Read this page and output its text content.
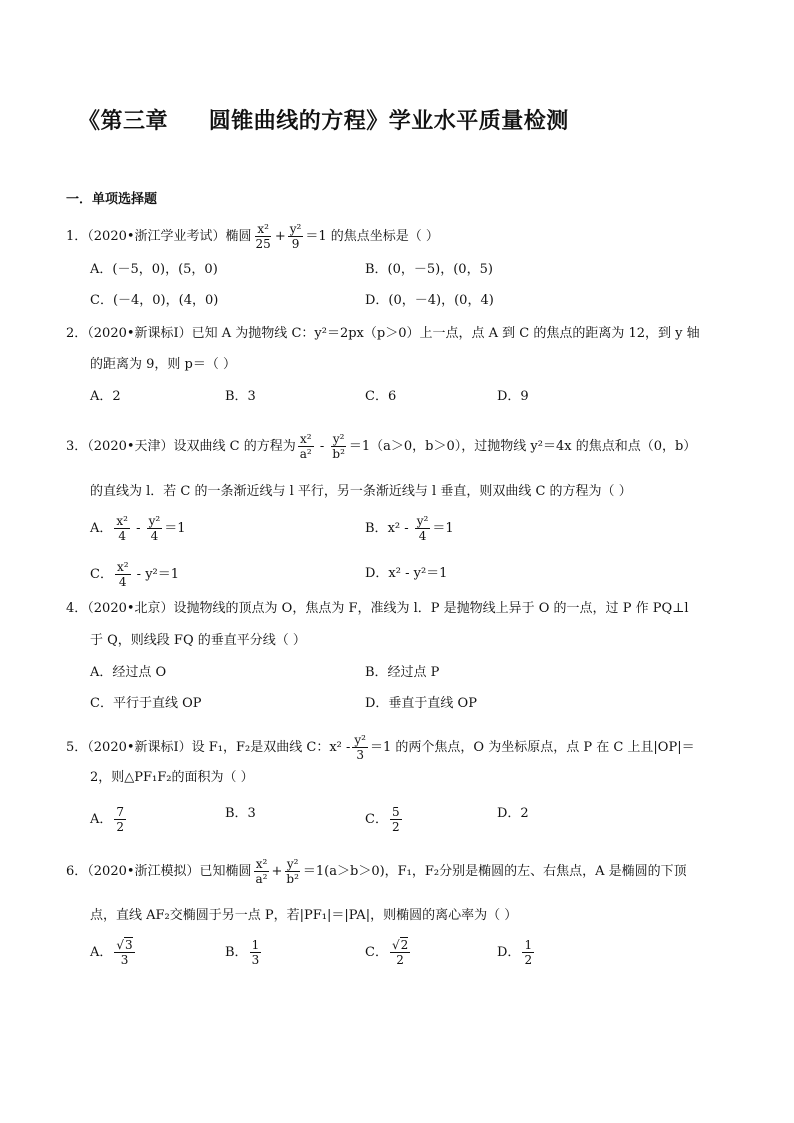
《第三章     圆锥曲线的方程》学业水平质量检测
一．单项选择题
1．（2020•浙江学业考试）椭圆 $\frac{\text{x²}}{25} + \frac{\text{y²}}{9} =1$ 的焦点坐标是（ ）
A．(－5，0)，(5，0)	B．(0，－5)，(0，5)
C．(－4，0)，(4，0)	D．(0，－4)，(0，4)
2．（2020•新课标Ⅰ）已知 A 为抛物线 C：y²＝2px（p＞0）上一点，点 A 到 C 的焦点的距离为 12，到 y 轴
的距离为 9，则 p＝（ ）
A．2	B．3	C．6	D．9
3．（2020•天津）设双曲线 C 的方程为 $\frac{\text{x²}}{\text{a²}} - \frac{\text{y²}}{\text{b²}} =1(a>0$，b＞0），过抛物线 y²＝4x 的焦点和点（0，b）
的直线为 l．若 C 的一条渐近线与 l 平行，另一条渐近线与 l 垂直，则双曲线 C 的方程为（ ）
A． $\frac{\text{x²}}{4} - \frac{\text{y²}}{4} =1$	B．$x^2 - \frac{\text{y²}}{4} =1$
C． $\frac{\text{x²}}{4} - y^2=1$	D．x² - y²＝1
4．（2020•北京）设抛物线的顶点为 O，焦点为 F，准线为 l．P 是抛物线上异于 O 的一点，过 P 作 PQ⊥l
于 Q，则线段 FQ 的垂直平分线（ ）
A．经过点 O	B．经过点 P
C．平行于直线 OP	D．垂直于直线 OP
5．（2020•新课标Ⅰ）设 F₁，F₂是双曲线 C：$x^2 - \frac{\text{y²}}{3} =1$ 的两个焦点，O 为坐标原点，点 P 在 C 上且|OP|＝
2，则△PF₁F₂的面积为（ ）
A． $\frac{7}{2}$	B．3	C． $\frac{5}{2}$	D．2
6．（2020•浙江模拟）已知椭圆 $\frac{\text{x²}}{\text{a²}} + \frac{\text{y²}}{\text{b²}} =1(a>b>0)$，F₁，F₂分别是椭圆的左、右焦点，A 是椭圆的下顶
点，直线 AF₂交椭圆于另一点 P，若|PF₁|＝|PA|，则椭圆的离心率为（ ）
A． $\frac{√3}{3}$	B． $\frac{1}{3}$	C． $\frac{√2}{2}$	D． $\frac{1}{2}$
